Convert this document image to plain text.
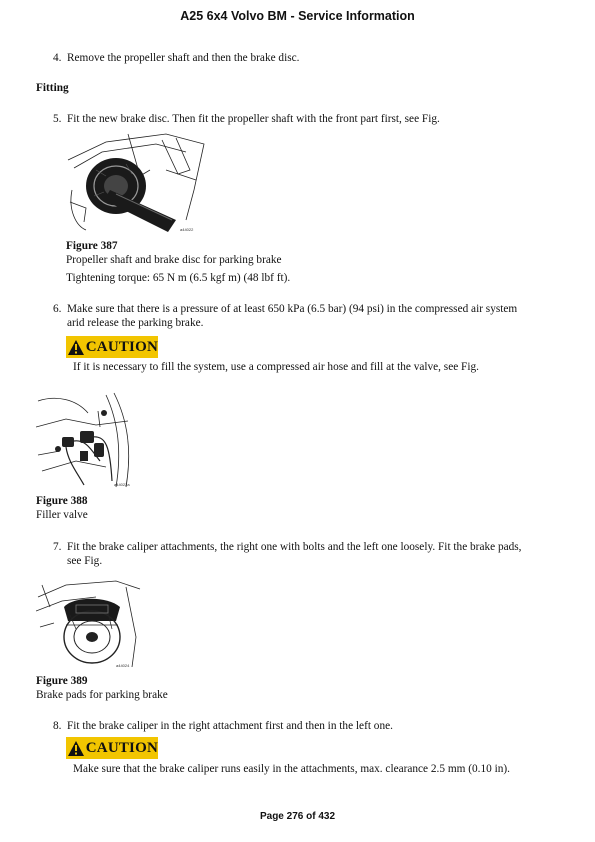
A25 6x4 Volvo BM - Service Information
4. Remove the propeller shaft and then the brake disc.
Fitting
5. Fit the new brake disc. Then fit the propeller shaft with the front part first, see Fig.
a44022
Figure 387
Propeller shaft and brake disc for parking brake
Tightening torque: 65 N m (6.5 kgf m) (48 lbf ft).
6. Make sure that there is a pressure of at least 650 kPa (6.5 bar) (94 psi) in the compressed air system
arid release the parking brake.
CAUTION
If it is necessary to fill the system, use a compressed air hose and fill at the valve, see Fig.
a44022a
Figure 388
Filler valve
7. Fit the brake caliper attachments, the right one with bolts and the left one loosely. Fit the brake pads,
see Fig.
a44024
Figure 389
Brake pads for parking brake
8. Fit the brake caliper in the right attachment first and then in the left one.
CAUTION
Make sure that the brake caliper runs easily in the attachments, max. clearance 2.5 mm (0.10 in).
Page 276 of 432
